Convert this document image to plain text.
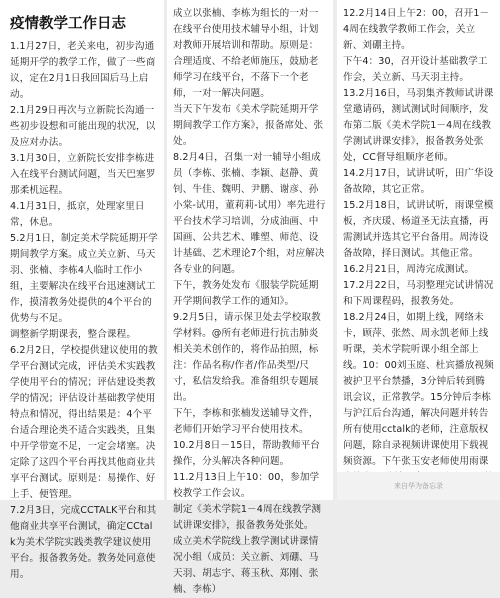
疫情教学工作日志

1.1月27日，老关来电，初步沟通延期开学的教学工作，做了一些商议，定在2月1日我回国后马上启动。

2.1月29日再次与立新院长沟通一些初步设想和可能出现的状况，以及应对办法。

3.1月30日，立新院长安排李栋进入在线平台测试问题，当天巴塞罗那柔机远程。

4.1月31日，抵京，处理家里日常，休息。

5.2月1日，制定美术学院延期开学期间教学方案。成立关立新、马天羽、张楠、李栋4人临时工作小组，主要解决在线平台迅速测试工作，摸清教务处提供的4个平台的优势与不足。

调整新学期课表，整合课程。

6.2月2日，学校提供建议使用的教学平台测试完成，评估美术实践教学使用平台的情况；评估建设类教学的情况；评估设计基础教学使用特点和情况，得出结果是：4个平台适合理论类不适合实践类，且集中开学带宽不足，一定会堵塞。决定除了这四个平台再找其他商业共享平台测试。原则是：易操作、好上手、便管理。

7.2月3日，完成CCTALK平台和其他商业共享平台测试，确定CCtalk为美术学院实践类教学建议使用平台。报备教务处。教务处同意使用。

成立以张楠、李栋为组长的一对一在线平台使用技术辅导小组，计划对教师开展培训和帮助。原则是：合理适度、不给老师施压，鼓励老师学习在线平台，不落下一个老师，一对一解决问题。

当天下午发布《美术学院延期开学期间教学工作方案》，报备席处、张处。

8.2月4日，召集一对一辅导小组成员（李栋、张楠、李颖、赵静、黄钊、牛佳、魏明、尹鹏、谢彦、孙小棠-试用，董莉莉-试用）率先进行平台技术学习培训，分成油画、中国画、公共艺术、雕塑、师范、设计基础、艺术理论7个组，对应解决各专业的问题。

下午，教务处发布《服装学院延期开学期间教学工作的通知》。

9.2月5日，请示保卫处去学校取教学材料。@所有老师进行抗击肺炎相关美术创作的，将作品拍照，标注：作品名称/作者/作品类型/尺寸，私信发给我。准备组织专题展出。

下午，李栋和张楠发送辅导文件，老师们开始学习平台使用技术。

10.2月8日－15日，帮助教师平台操作，分头解决各种问题。

11.2月13日上午10：00，参加学校教学工作会议。

制定《美术学院1－4周在线教学测试讲课安排》，报备教务处张处。

成立美术学院线上教学测试讲课情况小组（成员：关立新、刘硼、马天羽、胡志宇、蒋玉秋、郑刚、张楠、李栋）

12.2月14日上午2：00，召开1－4周在线教学教师工作会，关立新、刘硼主持。

下午4：30，召开设计基础教学工作会，关立新、马天羽主持。

13.2月16日，马羽集齐教师试讲课堂邀请码，测试测试时间顺序，发布第二版《美术学院1－4周在线教学测试讲课安排》，报备教务处张处，CC督导组顺序老师。

14.2月17日，试讲试听，田广华设备故障，其它正常。

15.2月18日，试讲试听，雨课堂模板，齐庆瑗、杨道圣无法直播，再需测试并选其它平台备用。周涛设备故障，择日测试。其他正常。

16.2月21日，周涛完成测试。

17.2月22日，马羽整理完试讲情况和下周课程码，报教务处。

18.2月24日，如期上线，网络未卡，顾萍、张然、周永凯老师上线听课，美术学院听课小组全部上线。10：00刘玉庭、杜宾播放视频被护卫平台禁播，3分钟后转到腾讯会议，正常教学。15分钟后李栋与沪江后台沟通，解决问题并转告所有使用cctalk的老师，注意版权问题，除自录视频讲课使用下载视频资源。下午张玉安老师使用雨课

来自华为备忘录
